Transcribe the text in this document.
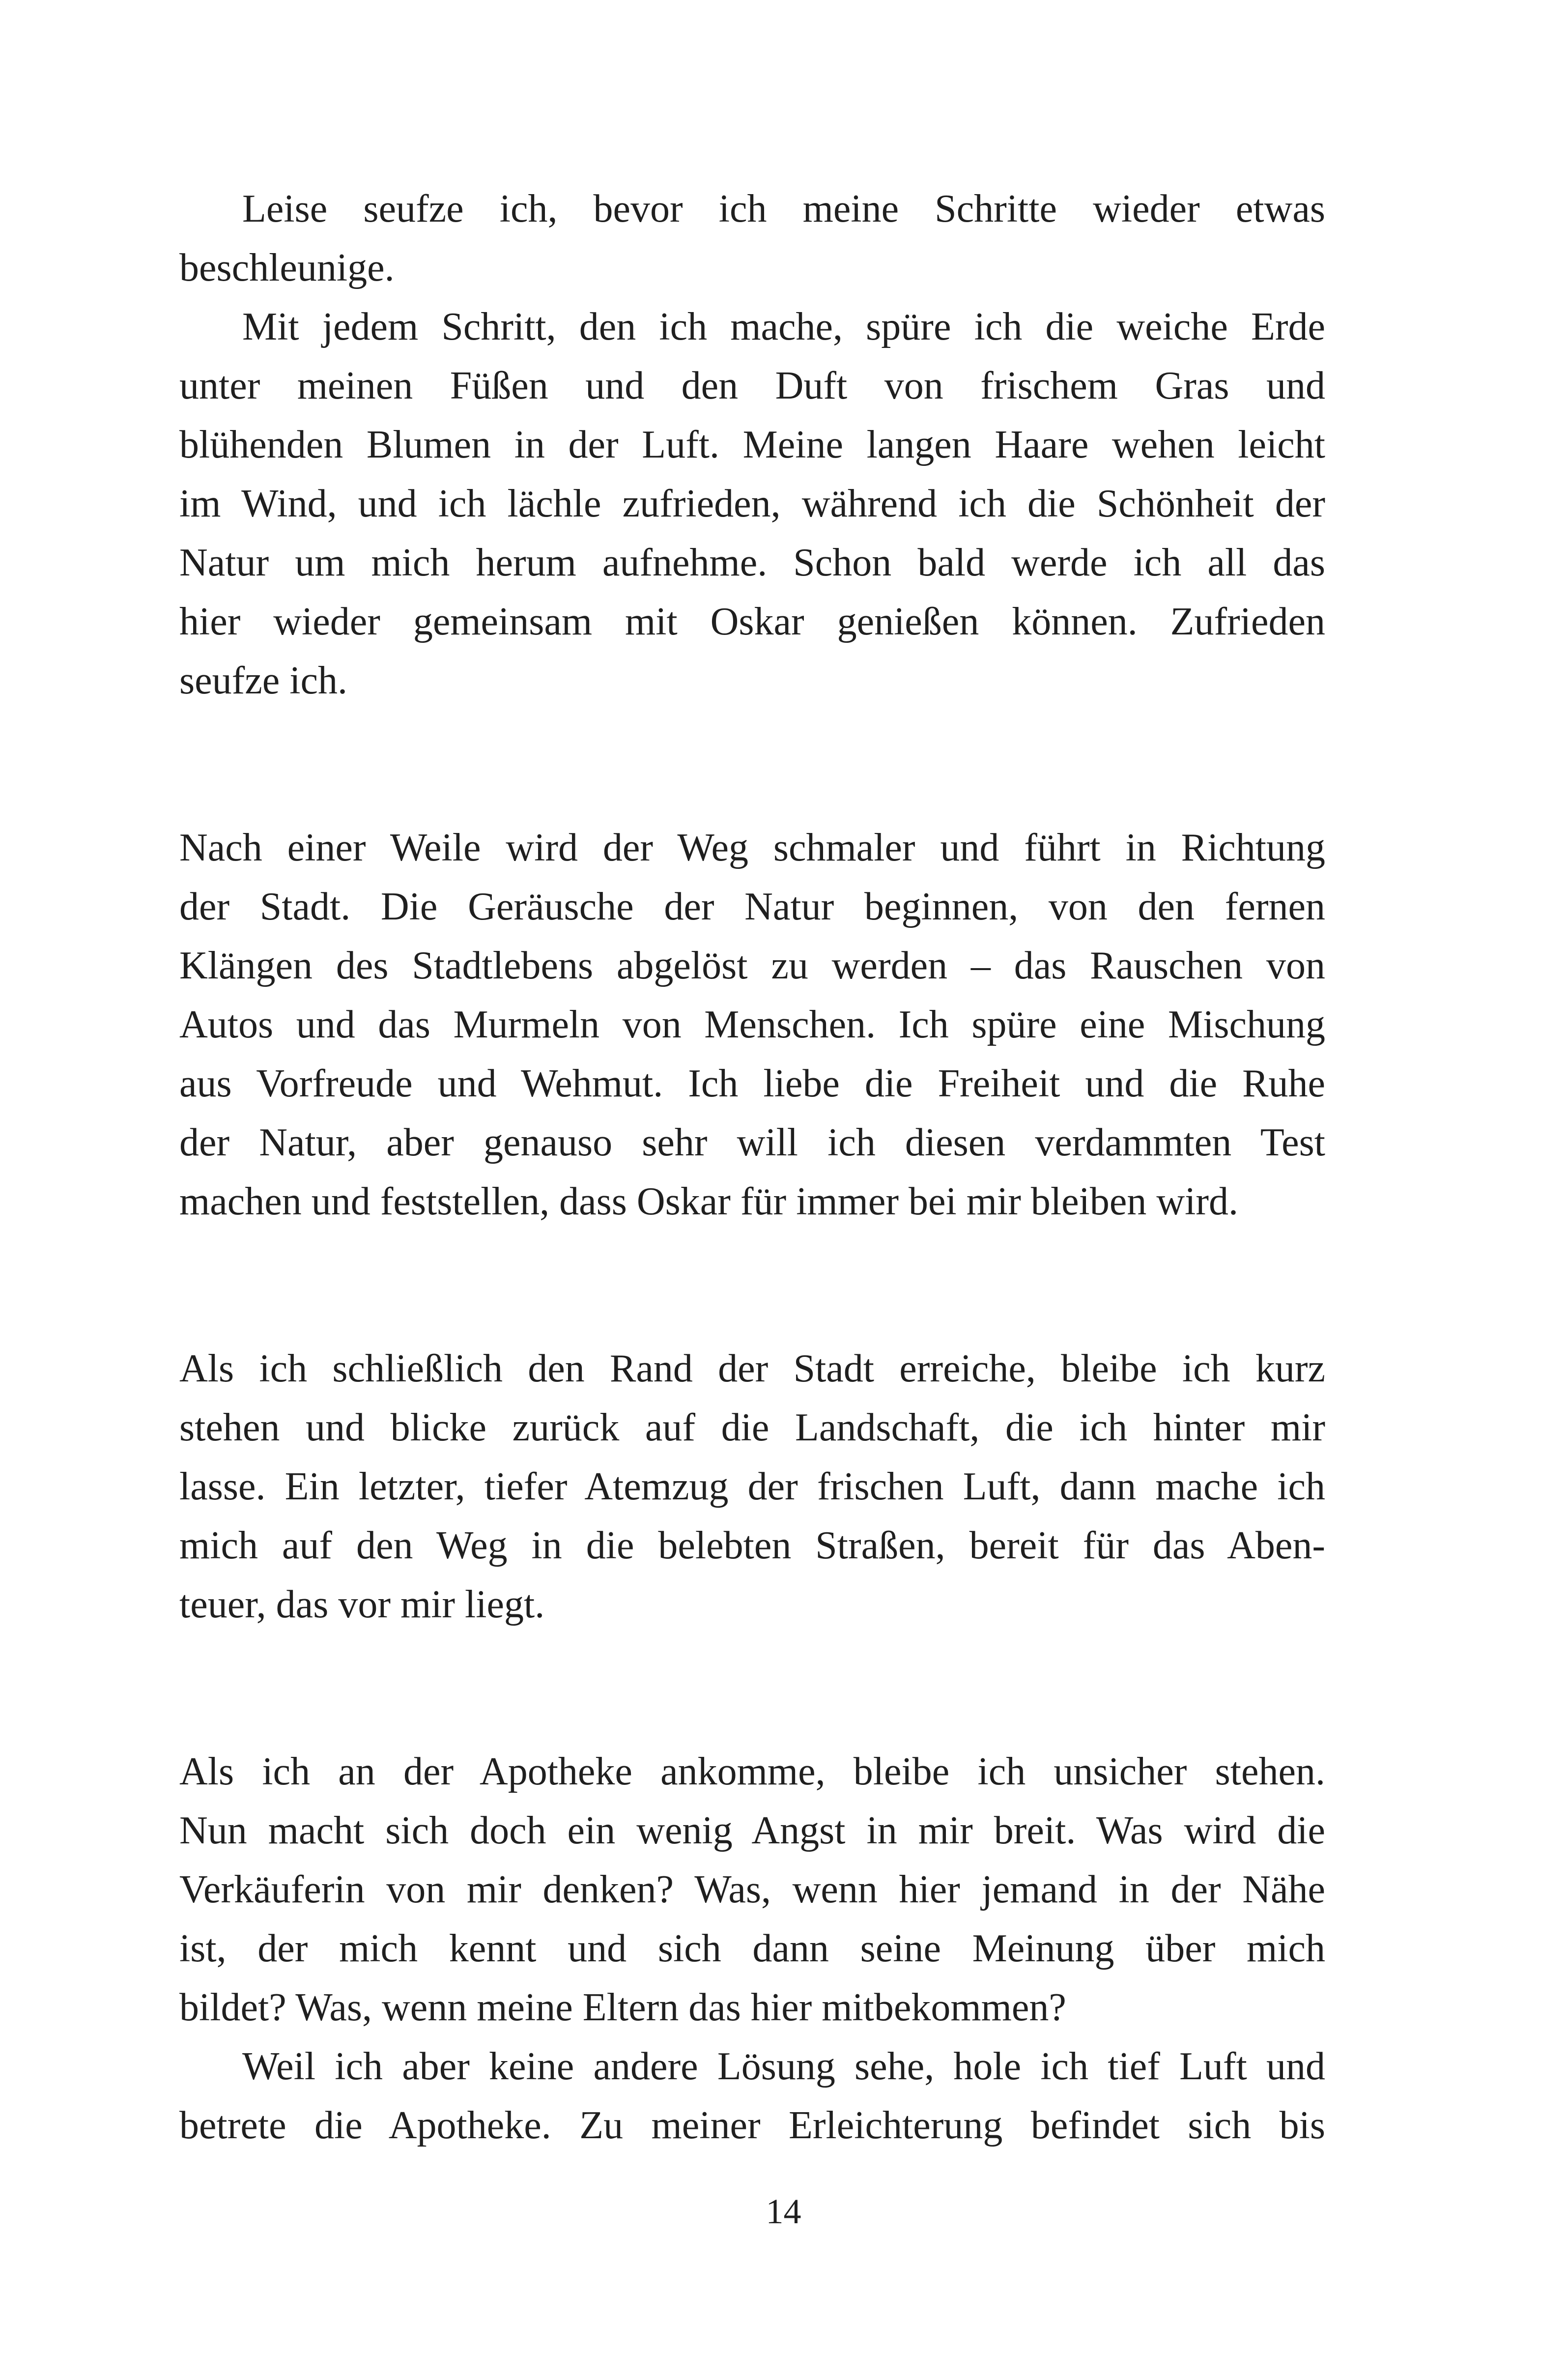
Leise seufze ich, bevor ich meine Schritte wieder etwas
beschleunige.
Mit jedem Schritt, den ich mache, spüre ich die weiche Erde
unter meinen Füßen und den Duft von frischem Gras und
blühenden Blumen in der Luft. Meine langen Haare wehen leicht
im Wind, und ich lächle zufrieden, während ich die Schönheit der
Natur um mich herum aufnehme. Schon bald werde ich all das
hier wieder gemeinsam mit Oskar genießen können. Zufrieden
seufze ich.
Nach einer Weile wird der Weg schmaler und führt in Richtung
der Stadt. Die Geräusche der Natur beginnen, von den fernen
Klängen des Stadtlebens abgelöst zu werden – das Rauschen von
Autos und das Murmeln von Menschen. Ich spüre eine Mischung
aus Vorfreude und Wehmut. Ich liebe die Freiheit und die Ruhe
der Natur, aber genauso sehr will ich diesen verdammten Test
machen und feststellen, dass Oskar für immer bei mir bleiben wird.
Als ich schließlich den Rand der Stadt erreiche, bleibe ich kurz
stehen und blicke zurück auf die Landschaft, die ich hinter mir
lasse. Ein letzter, tiefer Atemzug der frischen Luft, dann mache ich
mich auf den Weg in die belebten Straßen, bereit für das Aben-
teuer, das vor mir liegt.
Als ich an der Apotheke ankomme, bleibe ich unsicher stehen.
Nun macht sich doch ein wenig Angst in mir breit. Was wird die
Verkäuferin von mir denken? Was, wenn hier jemand in der Nähe
ist, der mich kennt und sich dann seine Meinung über mich
bildet? Was, wenn meine Eltern das hier mitbekommen?
Weil ich aber keine andere Lösung sehe, hole ich tief Luft und
betrete die Apotheke. Zu meiner Erleichterung befindet sich bis
14
